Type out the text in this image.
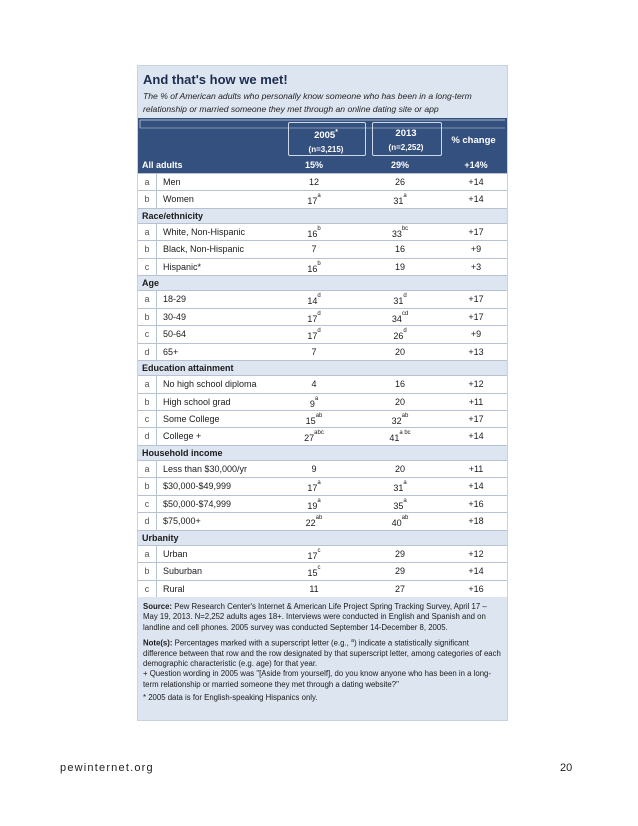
And that's how we met!
The % of American adults who personally know someone who has been in a long-term relationship or married someone they met through an online dating site or app
2005*
(n=3,215)
2013
(n=2,252)
% change
All adults	15%	29%	+14%
a	Men	12	26	+14
b	Women	17$^a$	$31^a$	+14
Race/ethnicity
a	White, Non-Hispanic	16$^b$	$33^{bc}$	+17
b	Black, Non-Hispanic	7	16	+9
c	Hispanic*	16$^b$	19	+3
Age
a	18-29	14$^d$	$31^d$	+17
b	30-49	17$^d$	$34^{cd}$	+17
c	50-64	17$^d$	$26^d$	+9
d	65+	7	20	+13
Education attainment
a	No high school diploma	4	16	+12
b	High school grad	9$^a$	20	+11
c	Some College	$15^{ab}$	$32^{ab}$	+17
d	College +	$27^{abc}$	$41^{a bc}$	+14
Household income
a	Less than $30,000/yr	9	20	+11
b	$30,000-$49,999	17$^a$	$31^a$	+14
c	$50,000-$74,999	19$^a$	$35^a$	+16
d	$75,000+	$22^{ab}$	$40^{ab}$	+18
Urbanity
a	Urban	17$^c$	29	+12
b	Suburban	15$^c$	29	+14
c	Rural	11	27	+16

Source: Pew Research Center's Internet & American Life Project Spring Tracking Survey, April 17 – May 19, 2013. N=2,252 adults ages 18+. Interviews were conducted in English and Spanish and on landline and cell phones. 2005 survey was conducted September 14-December 8, 2005.

Note(s): Percentages marked with a superscript letter (e.g., $^a$) indicate a statistically significant difference between that row and the row designated by that superscript letter, among categories of each demographic characteristic (e.g. age) for that year.
+ Question wording in 2005 was "[Aside from yourself], do you know anyone who has been in a long-term relationship or married someone they met through a dating website?"

* 2005 data is for English-speaking Hispanics only.

pewinternet.org	20
